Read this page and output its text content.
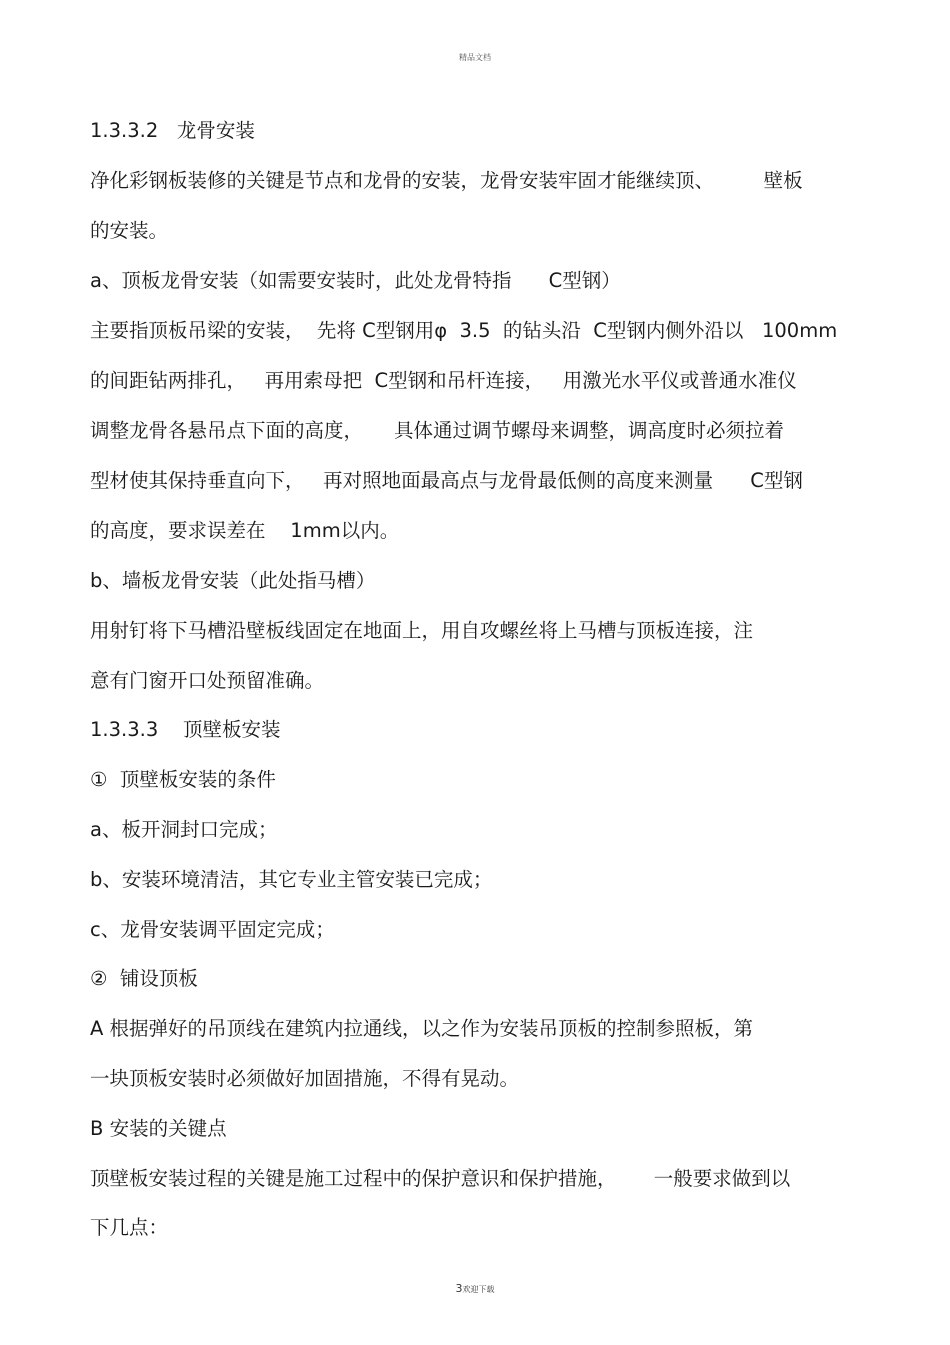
精品文档
1.3.3.2   龙骨安装
净化彩钢板装修的关键是节点和龙骨的安装，龙骨安装牢固才能继续顶、        壁板
的安装。
a、顶板龙骨安装（如需要安装时，此处龙骨特指      C型钢）
主要指顶板吊梁的安装，  先将 C型钢用φ  3.5  的钻头沿  C型钢内侧外沿以   100mm
的间距钻两排孔，   再用索母把  C型钢和吊杆连接，   用激光水平仪或普通水准仪
调整龙骨各悬吊点下面的高度，     具体通过调节螺母来调整，调高度时必须拉着
型材使其保持垂直向下，   再对照地面最高点与龙骨最低侧的高度来测量      C型钢
的高度，要求误差在    1mm以内。
b、墙板龙骨安装（此处指马槽）
用射钉将下马槽沿壁板线固定在地面上，用自攻螺丝将上马槽与顶板连接，注
意有门窗开口处预留准确。
1.3.3.3    顶壁板安装
①  顶壁板安装的条件
a、板开洞封口完成；
b、安装环境清洁，其它专业主管安装已完成；
c、龙骨安装调平固定完成；
②  铺设顶板
A 根据弹好的吊顶线在建筑内拉通线，以之作为安装吊顶板的控制参照板，第
一块顶板安装时必须做好加固措施，不得有晃动。
B 安装的关键点
顶壁板安装过程的关键是施工过程中的保护意识和保护措施，      一般要求做到以
下几点：
3欢迎下载
